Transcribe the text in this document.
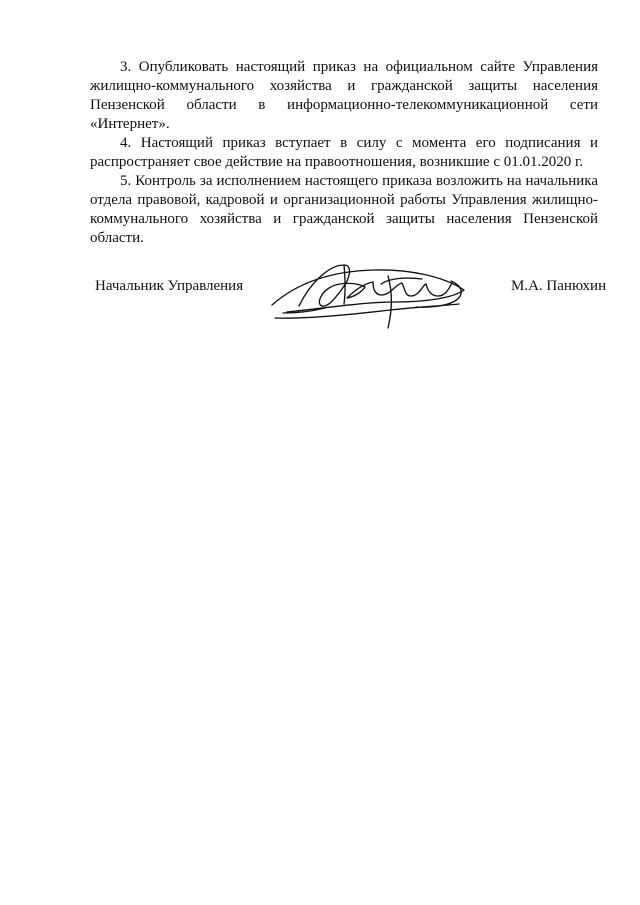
3. Опубликовать настоящий приказ на официальном сайте Управления жилищно-коммунального хозяйства и гражданской защиты населения Пензенской области в информационно-телекоммуникационной сети «Интернет».

4. Настоящий приказ вступает в силу с момента его подписания и распространяет свое действие на правоотношения, возникшие с 01.01.2020 г.

5. Контроль за исполнением настоящего приказа возложить на начальника отдела правовой, кадровой и организационной работы Управления жилищно-коммунального хозяйства и гражданской защиты населения Пензенской области.

Начальник Управления	М.А. Панюхин
